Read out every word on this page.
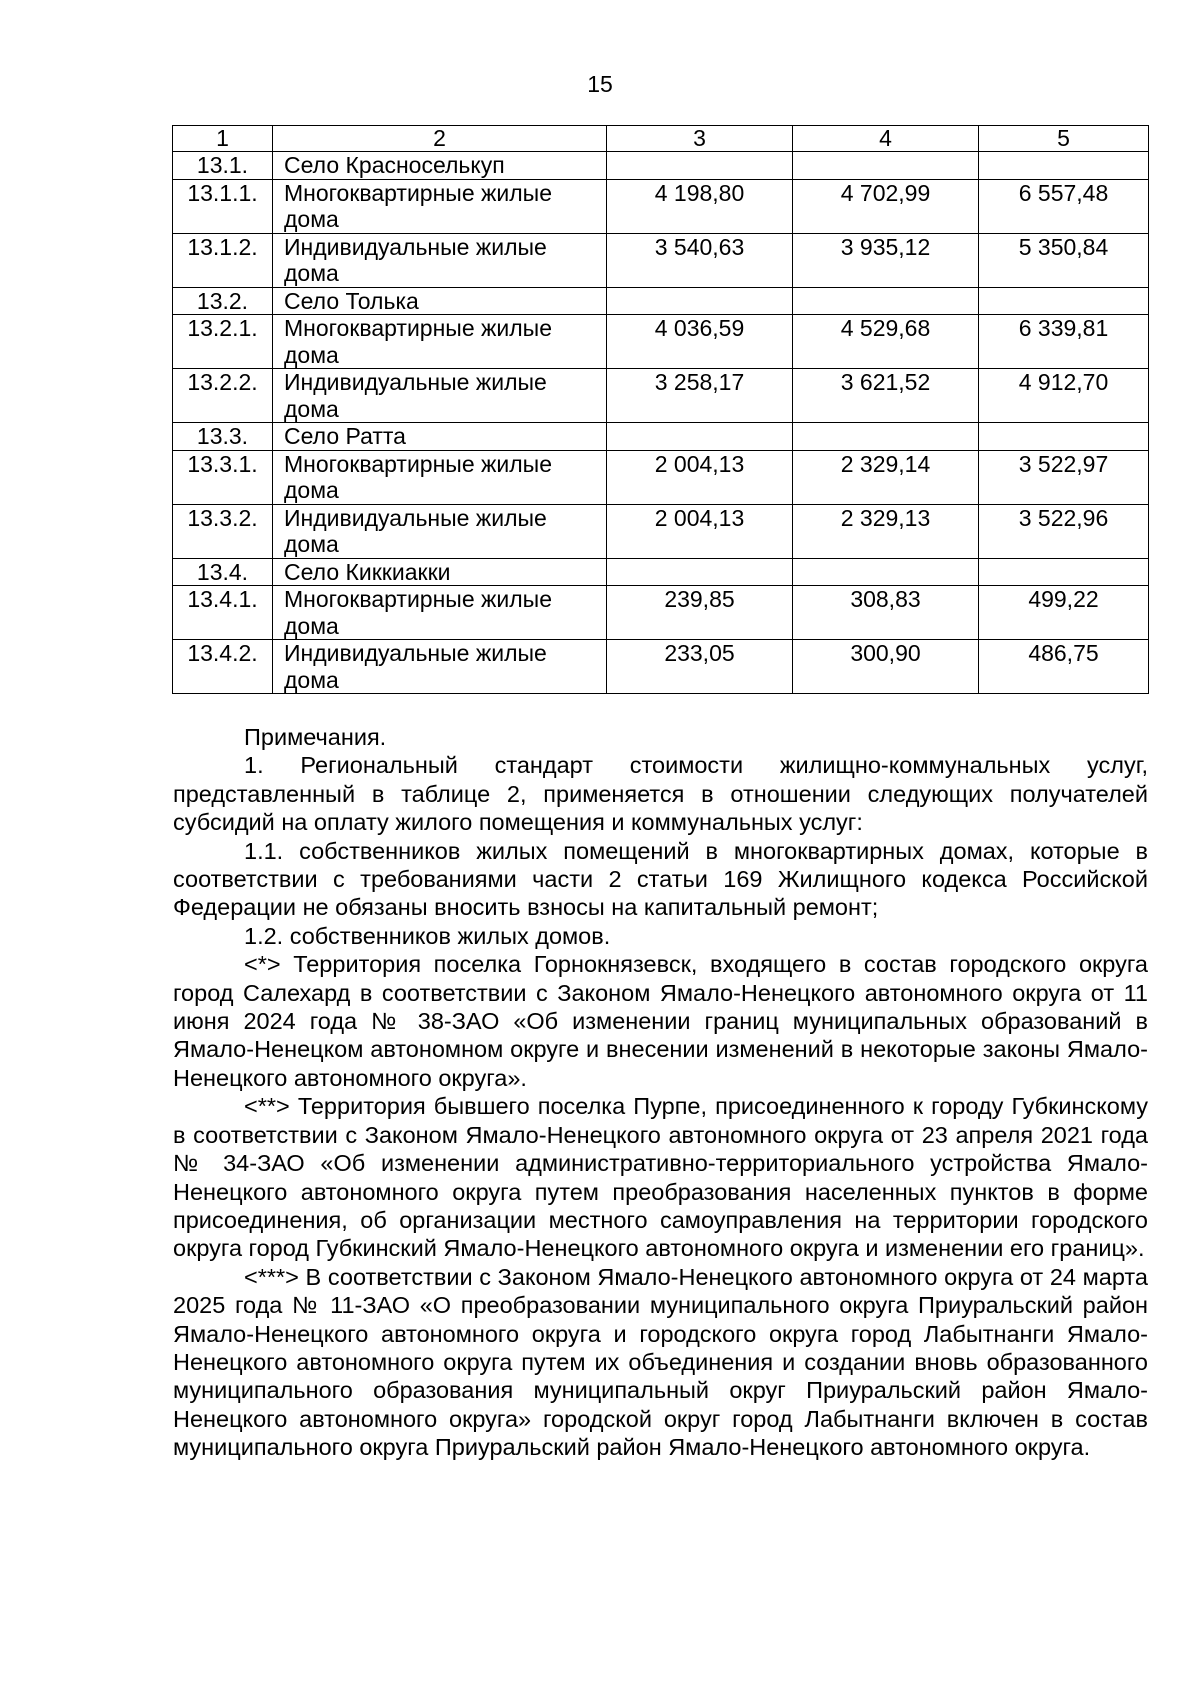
15
1	2	3	4	5
13.1.	Село Красноселькуп			
13.1.1.	Многоквартирные жилые дома	4 198,80	4 702,99	6 557,48
13.1.2.	Индивидуальные жилые дома	3 540,63	3 935,12	5 350,84
13.2.	Село Толька			
13.2.1.	Многоквартирные жилые дома	4 036,59	4 529,68	6 339,81
13.2.2.	Индивидуальные жилые дома	3 258,17	3 621,52	4 912,70
13.3.	Село Ратта			
13.3.1.	Многоквартирные жилые дома	2 004,13	2 329,14	3 522,97
13.3.2.	Индивидуальные жилые дома	2 004,13	2 329,13	3 522,96
13.4.	Село Киккиакки			
13.4.1.	Многоквартирные жилые дома	239,85	308,83	499,22
13.4.2.	Индивидуальные жилые дома	233,05	300,90	486,75

Примечания.

1. Региональный стандарт стоимости жилищно-коммунальных услуг, представленный в таблице 2, применяется в отношении следующих получателей субсидий на оплату жилого помещения и коммунальных услуг:

1.1. собственников жилых помещений в многоквартирных домах, которые в соответствии с требованиями части 2 статьи 169 Жилищного кодекса Российской Федерации не обязаны вносить взносы на капитальный ремонт;

1.2. собственников жилых домов.

<*> Территория поселка Горнокнязевск, входящего в состав городского округа город Салехард в соответствии с Законом Ямало-Ненецкого автономного округа от 11 июня 2024 года № 38-ЗАО «Об изменении границ муниципальных образований в Ямало-Ненецком автономном округе и внесении изменений в некоторые законы Ямало-Ненецкого автономного округа».

<**> Территория бывшего поселка Пурпе, присоединенного к городу Губкинскому в соответствии с Законом Ямало-Ненецкого автономного округа от 23 апреля 2021 года № 34-ЗАО «Об изменении административно-территориального устройства Ямало-Ненецкого автономного округа путем преобразования населенных пунктов в форме присоединения, об организации местного самоуправления на территории городского округа город Губкинский Ямало-Ненецкого автономного округа и изменении его границ».

<***> В соответствии с Законом Ямало-Ненецкого автономного округа от 24 марта 2025 года № 11-ЗАО «О преобразовании муниципального округа Приуральский район Ямало-Ненецкого автономного округа и городского округа город Лабытнанги Ямало-Ненецкого автономного округа путем их объединения и создании вновь образованного муниципального образования муниципальный округ Приуральский район Ямало-Ненецкого автономного округа» городской округ город Лабытнанги включен в состав муниципального округа Приуральский район Ямало-Ненецкого автономного округа.
